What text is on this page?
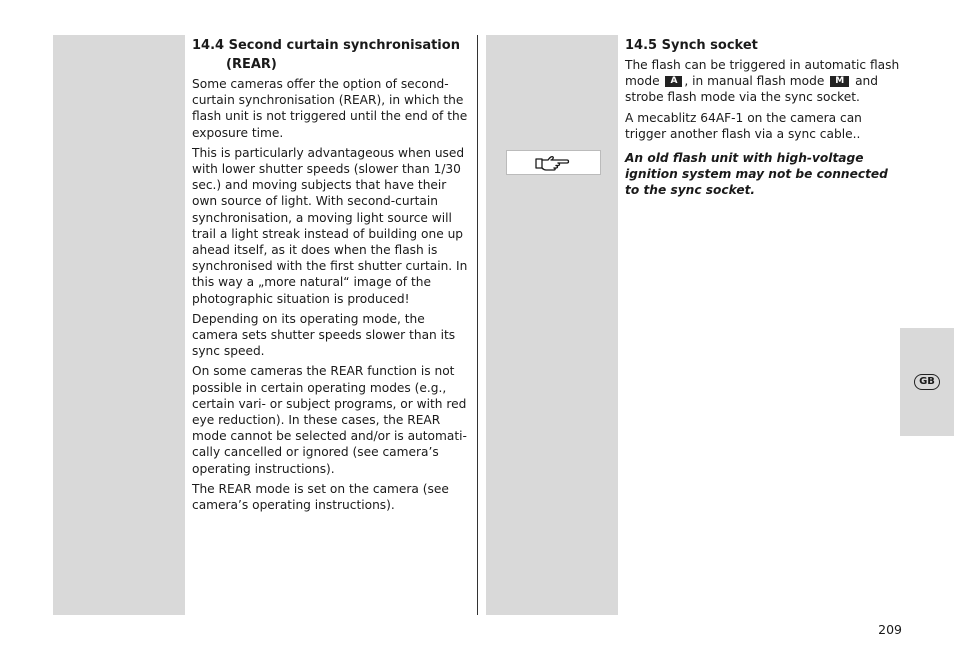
14.4 Second curtain synchronisation
(REAR)

Some cameras offer the option of second-curtain synchronisation (REAR), in which the flash unit is not triggered until the end of the exposure time.

This is particularly advantageous when used with lower shutter speeds (slower than 1/30 sec.) and moving subjects that have their own source of light. With second-curtain synchronisation, a moving light source will trail a light streak instead of building one up ahead itself, as it does when the flash is synchronised with the first shutter curtain. In this way a „more natural“ image of the photographic situation is produced!

Depending on its operating mode, the camera sets shutter speeds slower than its sync speed.

On some cameras the REAR function is not possible in certain operating modes (e.g., certain vari- or subject programs, or with red eye reduction). In these cases, the REAR mode cannot be selected and/or is automati-cally cancelled or ignored (see camera’s operating instructions).

The REAR mode is set on the camera (see camera’s operating instructions).

14.5 Synch socket

The flash can be triggered in automatic flash mode A , in manual flash mode M and strobe flash mode via the sync socket.

A mecablitz 64AF-1 on the camera can trigger another flash via a sync cable..

An old flash unit with high-voltage ignition system may not be connected to the sync socket.

GB
209
